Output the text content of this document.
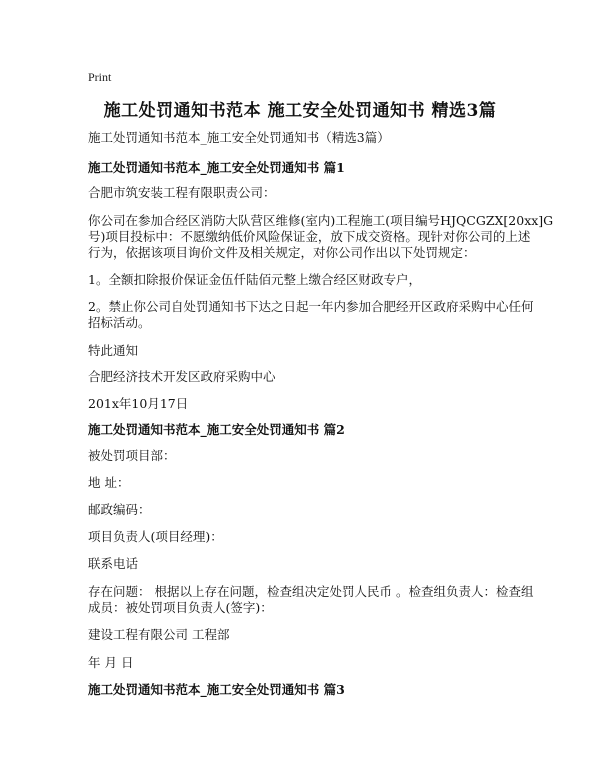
Print
施工处罚通知书范本 施工安全处罚通知书 精选3篇
施工处罚通知书范本_施工安全处罚通知书（精选3篇）
施工处罚通知书范本_施工安全处罚通知书 篇1
合肥市筑安装工程有限职责公司：
你公司在参加合经区消防大队营区维修(室内)工程施工(项目编号HJQCGZX[20xx]G
号)项目投标中：不愿缴纳低价风险保证金，放下成交资格。现针对你公司的上述
行为，依据该项目询价文件及相关规定，对你公司作出以下处罚规定：
1。全额扣除报价保证金伍仟陆佰元整上缴合经区财政专户，
2。禁止你公司自处罚通知书下达之日起一年内参加合肥经开区政府采购中心任何
招标活动。
特此通知
合肥经济技术开发区政府采购中心
201x年10月17日
施工处罚通知书范本_施工安全处罚通知书 篇2
被处罚项目部：
地 址：
邮政编码：
项目负责人(项目经理)：
联系电话
存在问题： 根据以上存在问题，检查组决定处罚人民币 。检查组负责人：检查组
成员：被处罚项目负责人(签字)：
建设工程有限公司 工程部
年 月 日
施工处罚通知书范本_施工安全处罚通知书 篇3
